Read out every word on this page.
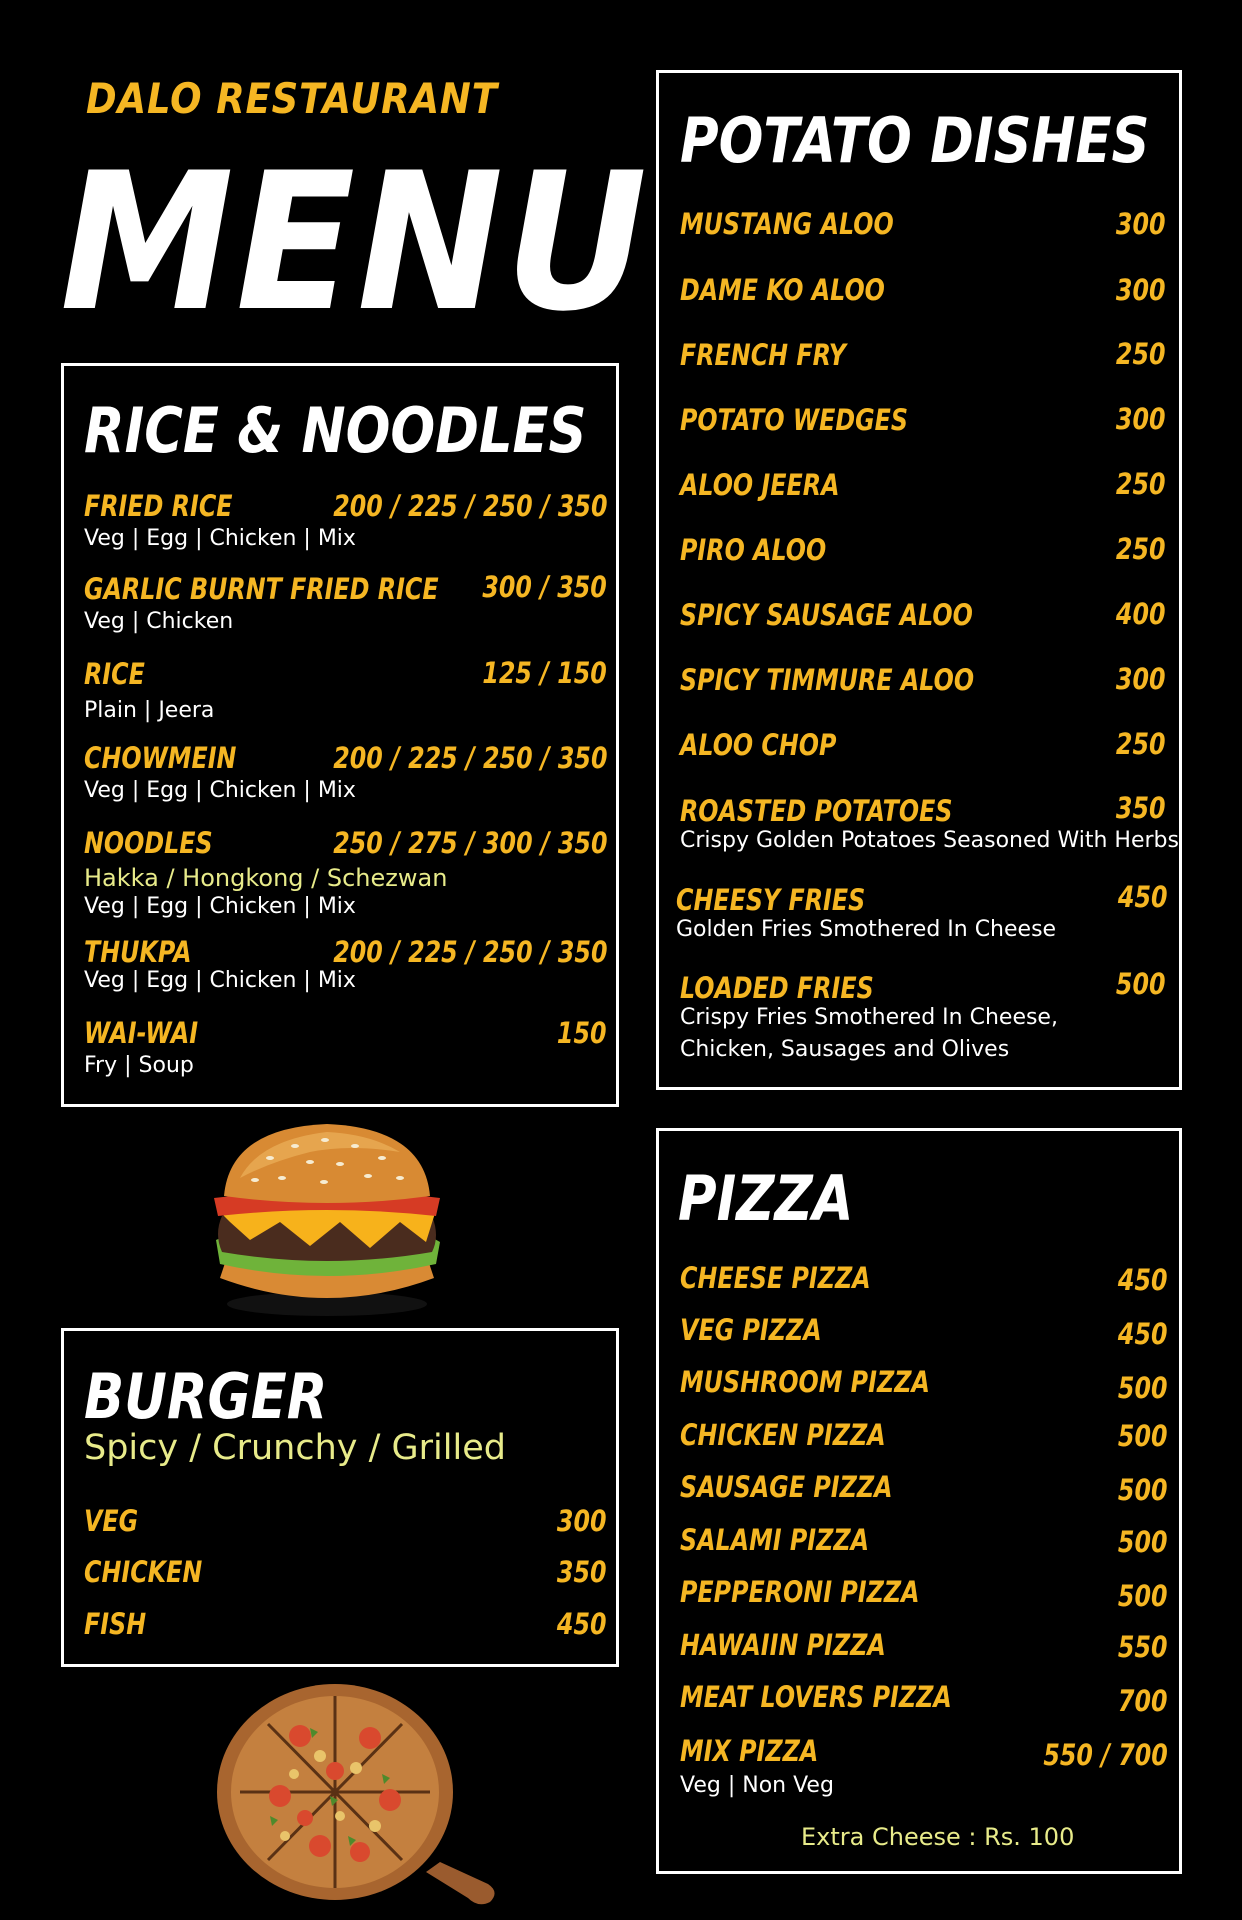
DALO RESTAURANT
MENU
RICE & NOODLES
FRIED RICE	200 / 225 / 250 / 350
Veg | Egg | Chicken | Mix
GARLIC BURNT FRIED RICE 300 / 350
Veg | Chicken
RICE	125 / 150
Plain | Jeera
CHOWMEIN	200 / 225 / 250 / 350
Veg | Egg | Chicken | Mix
NOODLES	250 / 275 / 300 / 350
Hakka / Hongkong / Schezwan
Veg | Egg | Chicken | Mix
THUKPA	200 / 225 / 250 / 350
Veg | Egg | Chicken | Mix
WAI-WAI	150
Fry | Soup
BURGER
Spicy / Crunchy / Grilled
VEG	300
CHICKEN	350
FISH	450
POTATO DISHES
MUSTANG ALOO	300
DAME KO ALOO	300
FRENCH FRY	250
POTATO WEDGES	300
ALOO JEERA	250
PIRO ALOO	250
SPICY SAUSAGE ALOO	400
SPICY TIMMURE ALOO	300
ALOO CHOP	250
ROASTED POTATOES	350
Crispy Golden Potatoes Seasoned With Herbs
CHEESY FRIES	450
Golden Fries Smothered In Cheese
LOADED FRIES	500
Crispy Fries Smothered In Cheese, Chicken, Sausages and Olives
PIZZA
CHEESE PIZZA	450
VEG PIZZA	450
MUSHROOM PIZZA	500
CHICKEN PIZZA	500
SAUSAGE PIZZA	500
SALAMI PIZZA	500
PEPPERONI PIZZA	500
HAWAIIN PIZZA	550
MEAT LOVERS PIZZA	700
MIX PIZZA	550 / 700
Veg | Non Veg
Extra Cheese : Rs. 100
